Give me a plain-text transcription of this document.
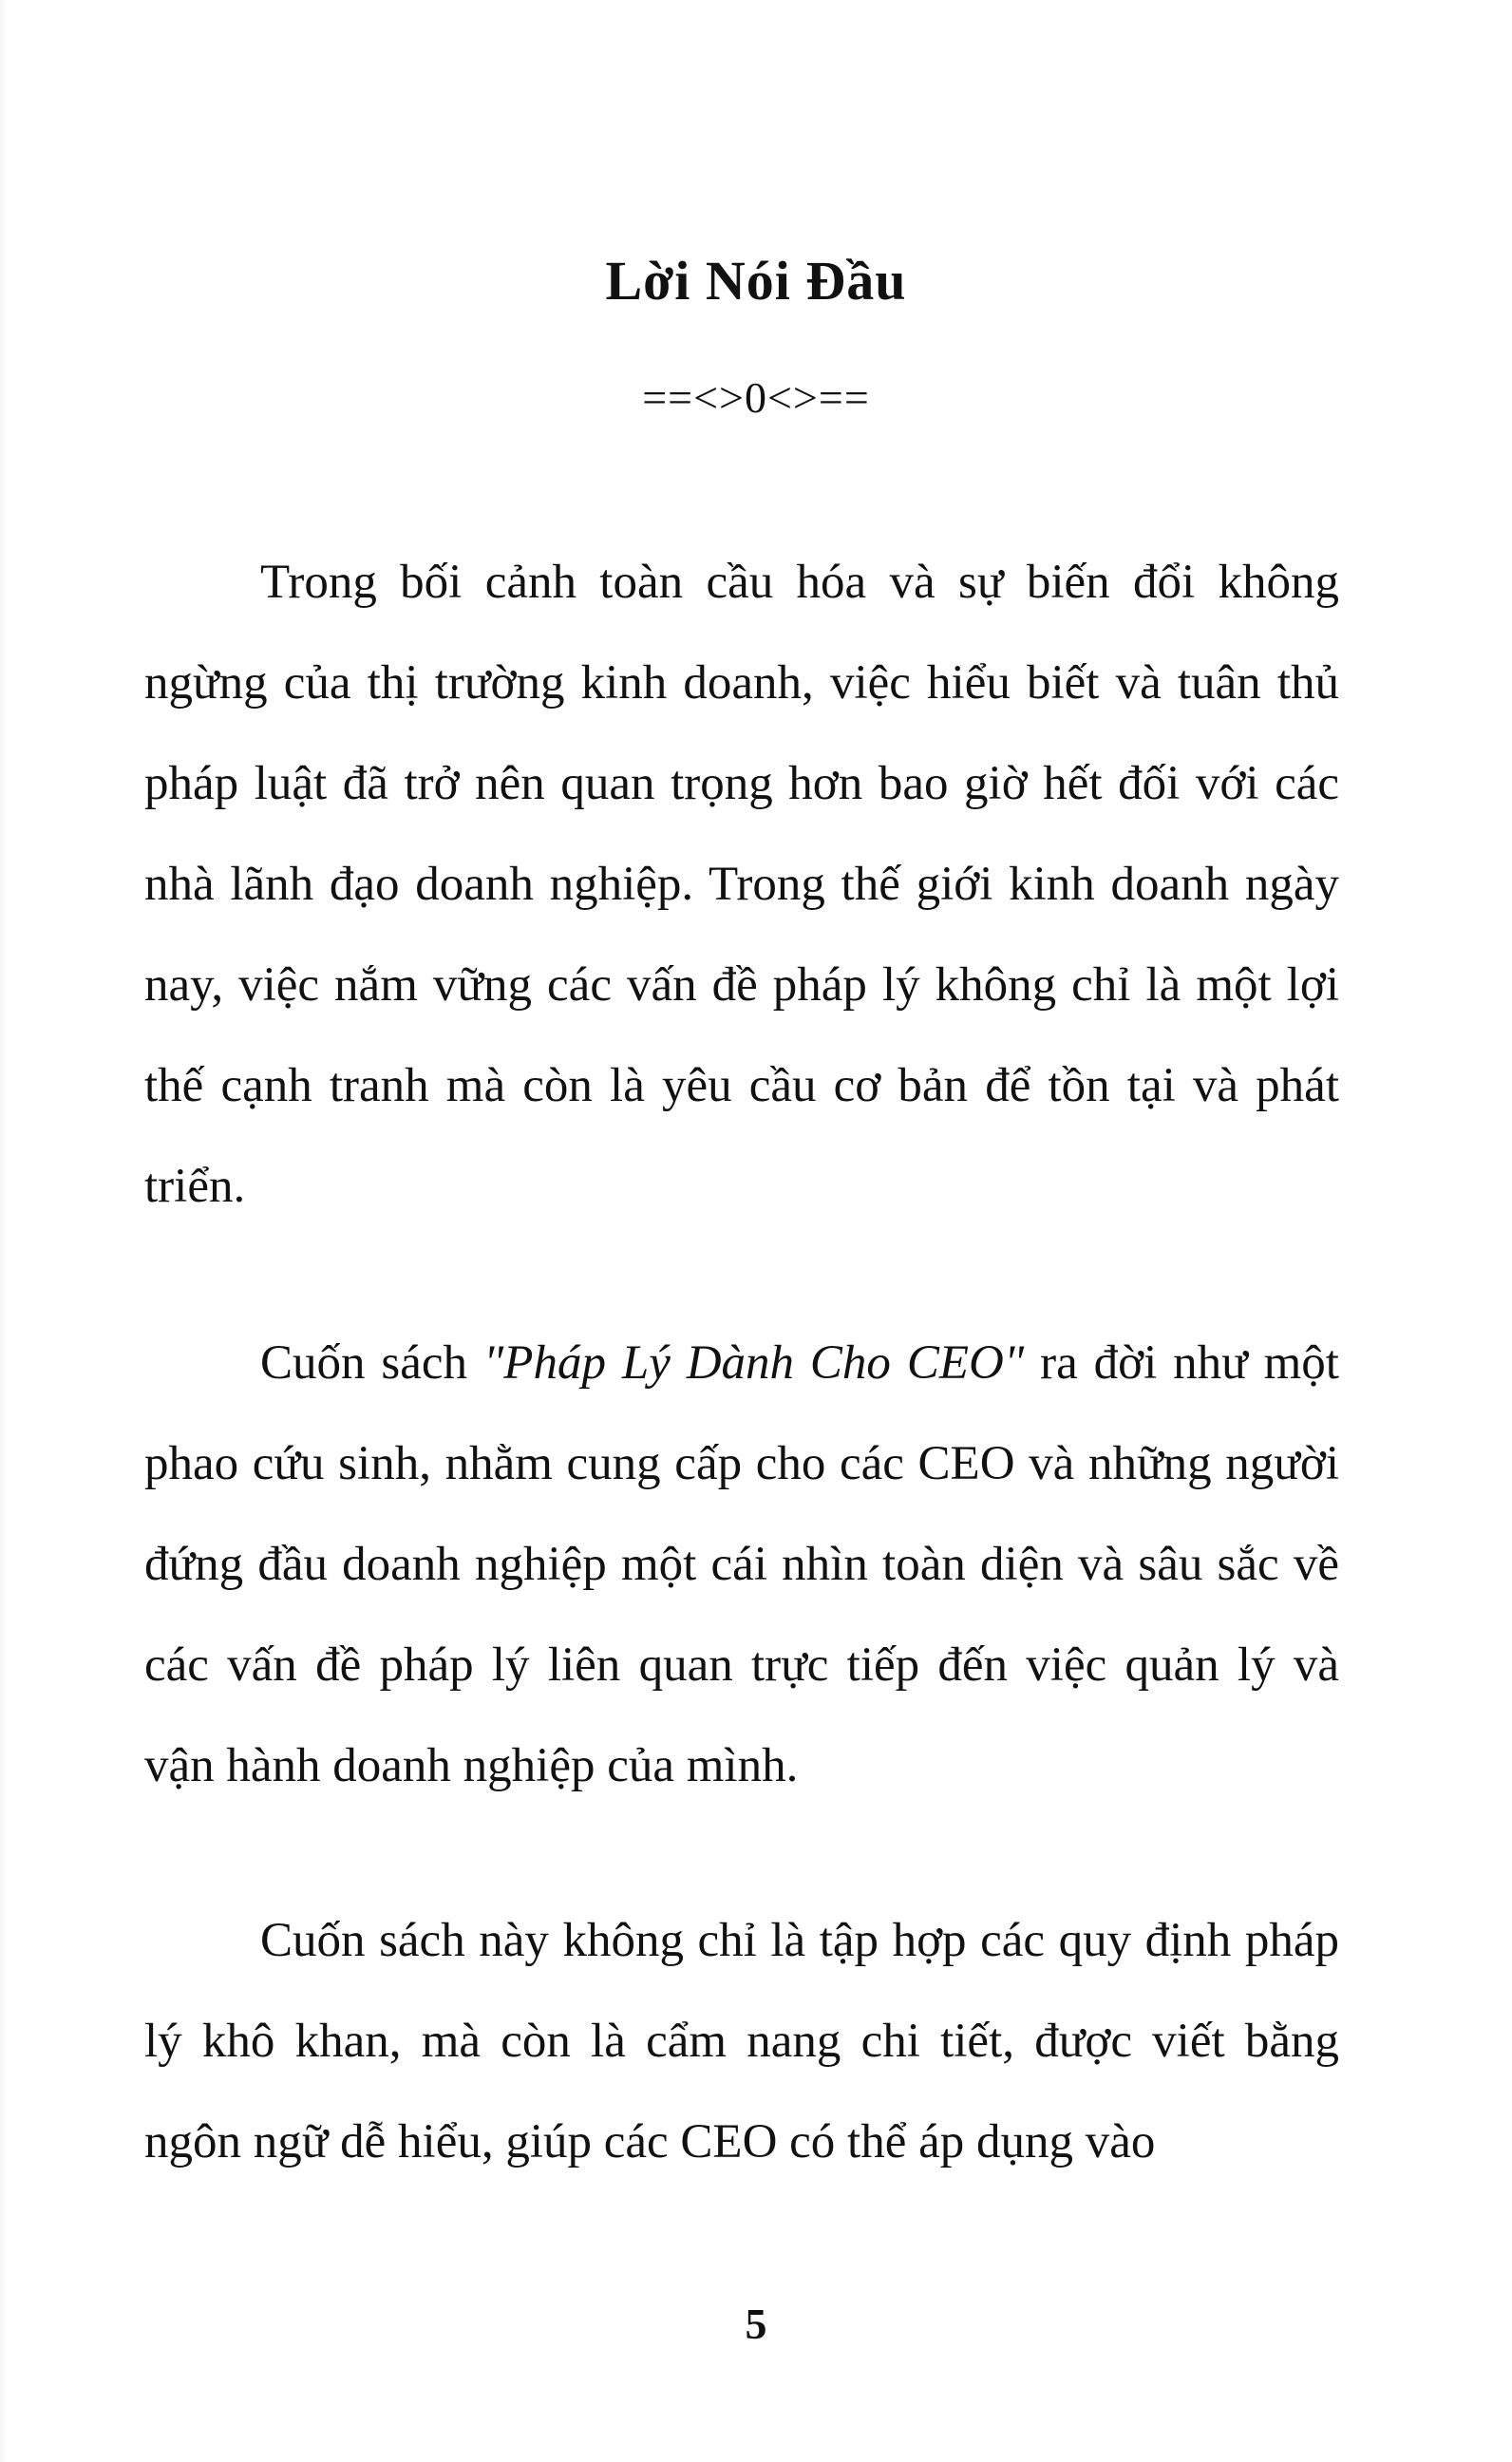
Lời Nói Đầu
==<>0<>==

Trong bối cảnh toàn cầu hóa và sự biến đổi không ngừng của thị trường kinh doanh, việc hiểu biết và tuân thủ pháp luật đã trở nên quan trọng hơn bao giờ hết đối với các nhà lãnh đạo doanh nghiệp. Trong thế giới kinh doanh ngày nay, việc nắm vững các vấn đề pháp lý không chỉ là một lợi thế cạnh tranh mà còn là yêu cầu cơ bản để tồn tại và phát triển.

Cuốn sách "Pháp Lý Dành Cho CEO" ra đời như một phao cứu sinh, nhằm cung cấp cho các CEO và những người đứng đầu doanh nghiệp một cái nhìn toàn diện và sâu sắc về các vấn đề pháp lý liên quan trực tiếp đến việc quản lý và vận hành doanh nghiệp của mình.

Cuốn sách này không chỉ là tập hợp các quy định pháp lý khô khan, mà còn là cẩm nang chi tiết, được viết bằng ngôn ngữ dễ hiểu, giúp các CEO có thể áp dụng vào

5
